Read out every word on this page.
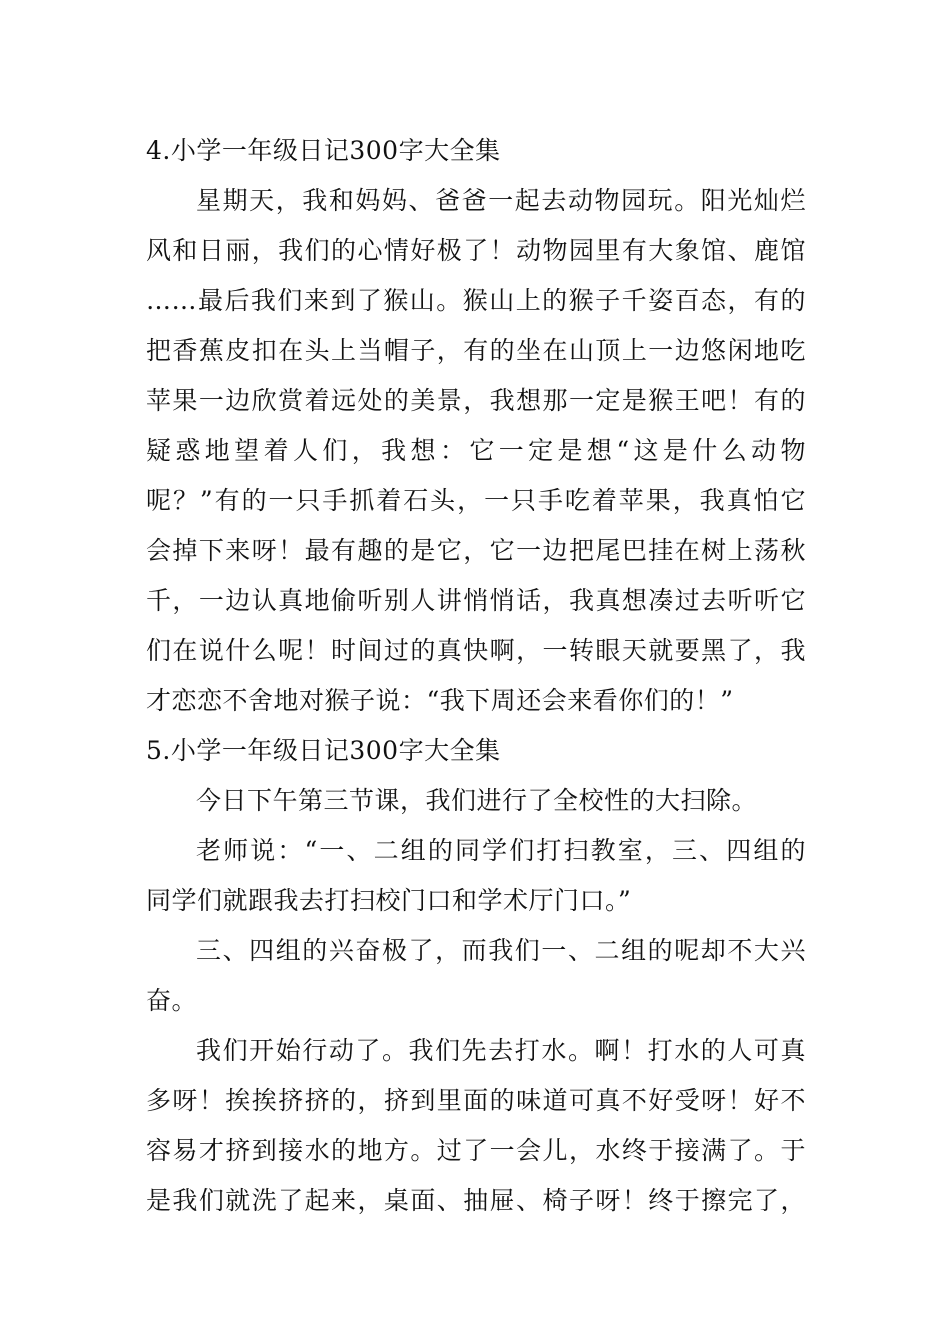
4.小学一年级日记300字大全集
星期天，我和妈妈、爸爸一起去动物园玩。阳光灿烂
风和日丽，我们的心情好极了！动物园里有大象馆、鹿馆
……最后我们来到了猴山。猴山上的猴子千姿百态，有的
把香蕉皮扣在头上当帽子，有的坐在山顶上一边悠闲地吃
苹果一边欣赏着远处的美景，我想那一定是猴王吧！有的
疑惑地望着人们，我想：它一定是想“这是什么动物
呢？”有的一只手抓着石头，一只手吃着苹果，我真怕它
会掉下来呀！最有趣的是它，它一边把尾巴挂在树上荡秋
千，一边认真地偷听别人讲悄悄话，我真想凑过去听听它
们在说什么呢！时间过的真快啊，一转眼天就要黑了，我
才恋恋不舍地对猴子说：“我下周还会来看你们的！”
5.小学一年级日记300字大全集
今日下午第三节课，我们进行了全校性的大扫除。
老师说：“一、二组的同学们打扫教室，三、四组的
同学们就跟我去打扫校门口和学术厅门口。”
三、四组的兴奋极了，而我们一、二组的呢却不大兴
奋。
我们开始行动了。我们先去打水。啊！打水的人可真
多呀！挨挨挤挤的，挤到里面的味道可真不好受呀！好不
容易才挤到接水的地方。过了一会儿，水终于接满了。于
是我们就洗了起来，桌面、抽屉、椅子呀！终于擦完了，
